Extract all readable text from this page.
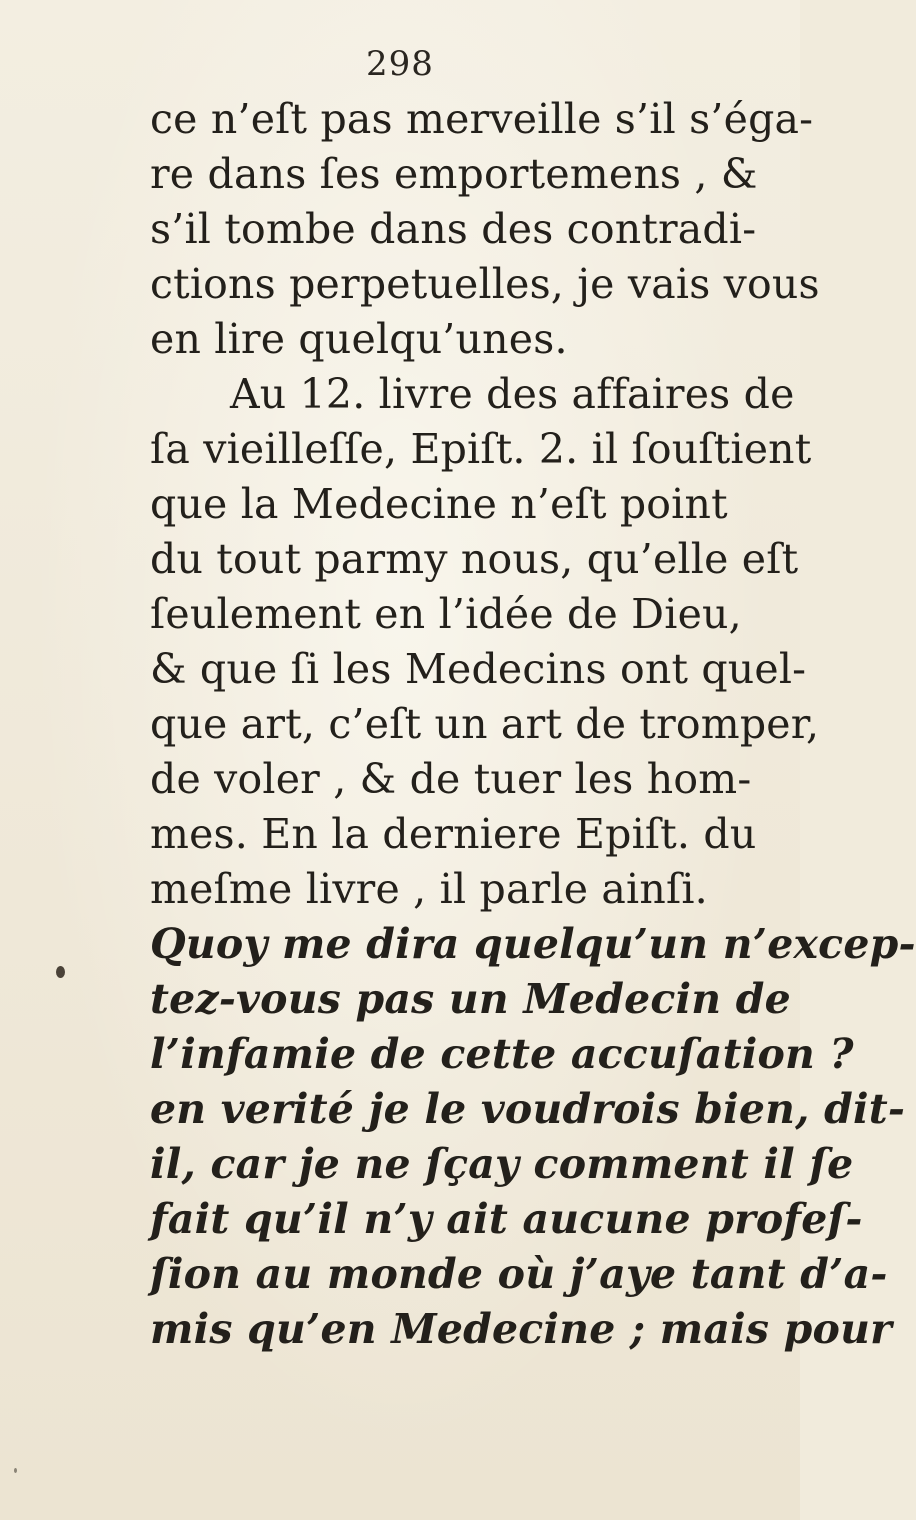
298
ce n’eſt pas merveille s’il s’éga-
re dans ſes emportemens , &
s’il tombe dans des contradi-
ctions perpetuelles, je vais vous
en lire quelqu’unes.
Au 12. livre des affaires de
ſa vieilleſſe, Epiſt. 2. il ſouſtient
que la Medecine n’eſt point
du tout parmy nous, qu’elle eſt
ſeulement en l’idée de Dieu,
& que ſi les Medecins ont quel-
que art, c’eſt un art de tromper,
de voler , & de tuer les hom-
mes. En la derniere Epiſt. du
meſme livre , il parle ainſi.
Quoy me dira quelqu’un n’excep-
tez-vous pas un Medecin de
l’infamie de cette accuſation ?
en verité je le voudrois bien, dit-
il, car je ne ſçay comment il ſe
fait qu’il n’y ait aucune profeſ-
ſion au monde où j’aye tant d’a-
mis qu’en Medecine ; mais pour
